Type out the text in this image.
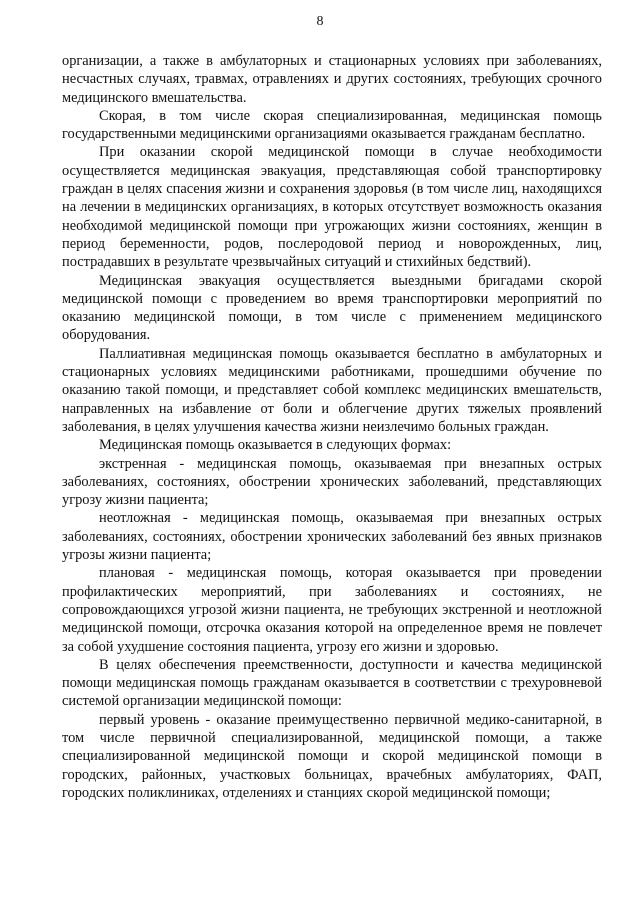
8

организации, а также в амбулаторных и стационарных условиях при заболеваниях, несчастных случаях, травмах, отравлениях и других состояниях, требующих срочного медицинского вмешательства.

Скорая, в том числе скорая специализированная, медицинская помощь государственными медицинскими организациями оказывается гражданам бесплатно.

При оказании скорой медицинской помощи в случае необходимости осуществляется медицинская эвакуация, представляющая собой транспортировку граждан в целях спасения жизни и сохранения здоровья (в том числе лиц, находящихся на лечении в медицинских организациях, в которых отсутствует возможность оказания необходимой медицинской помощи при угрожающих жизни состояниях, женщин в период беременности, родов, послеродовой период и новорожденных, лиц, пострадавших в результате чрезвычайных ситуаций и стихийных бедствий).

Медицинская эвакуация осуществляется выездными бригадами скорой медицинской помощи с проведением во время транспортировки мероприятий по оказанию медицинской помощи, в том числе с применением медицинского оборудования.

Паллиативная медицинская помощь оказывается бесплатно в амбулаторных и стационарных условиях медицинскими работниками, прошедшими обучение по оказанию такой помощи, и представляет собой комплекс медицинских вмешательств, направленных на избавление от боли и облегчение других тяжелых проявлений заболевания, в целях улучшения качества жизни неизлечимо больных граждан.

Медицинская помощь оказывается в следующих формах:

экстренная - медицинская помощь, оказываемая при внезапных острых заболеваниях, состояниях, обострении хронических заболеваний, представляющих угрозу жизни пациента;

неотложная - медицинская помощь, оказываемая при внезапных острых заболеваниях, состояниях, обострении хронических заболеваний без явных признаков угрозы жизни пациента;

плановая - медицинская помощь, которая оказывается при проведении профилактических мероприятий, при заболеваниях и состояниях, не сопровождающихся угрозой жизни пациента, не требующих экстренной и неотложной медицинской помощи, отсрочка оказания которой на определенное время не повлечет за собой ухудшение состояния пациента, угрозу его жизни и здоровью.

В целях обеспечения преемственности, доступности и качества медицинской помощи медицинская помощь гражданам оказывается в соответствии с трехуровневой системой организации медицинской помощи:

первый уровень - оказание преимущественно первичной медико-санитарной, в том числе первичной специализированной, медицинской помощи, а также специализированной медицинской помощи и скорой медицинской помощи в городских, районных, участковых больницах, врачебных амбулаториях, ФАП, городских поликлиниках, отделениях и станциях скорой медицинской помощи;
